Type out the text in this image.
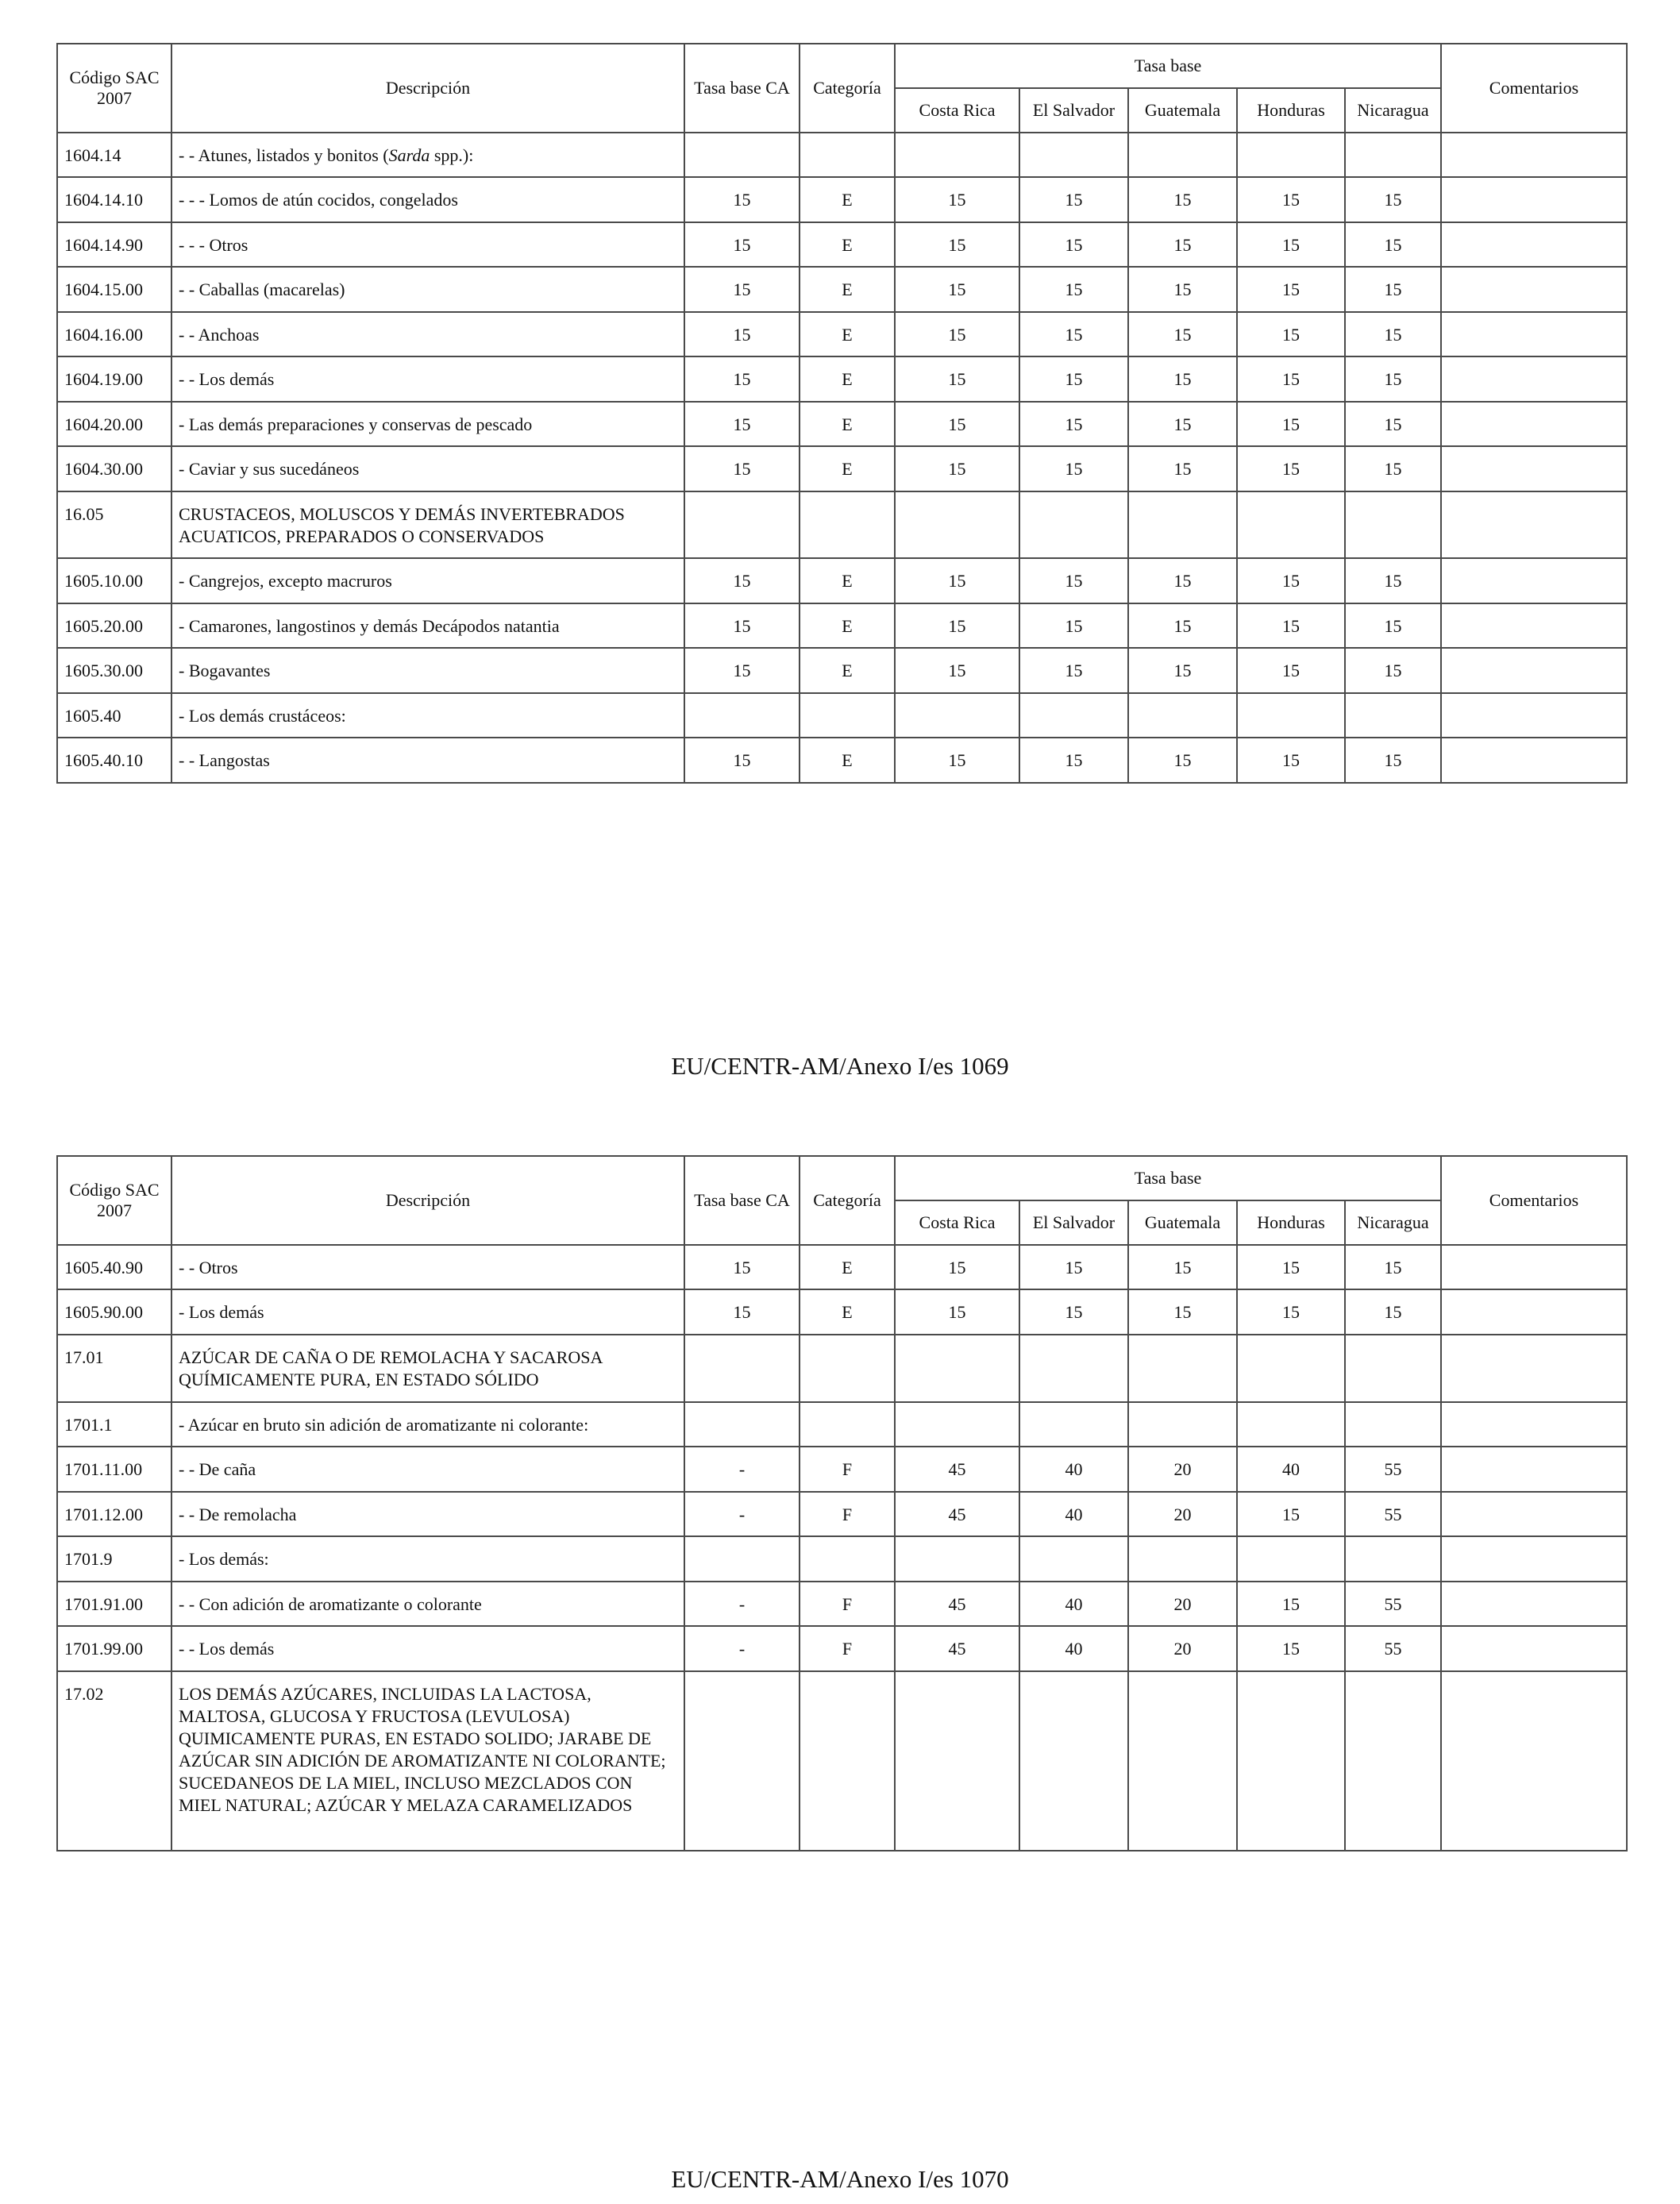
Código SAC 2007	Descripción	Tasa base CA	Categoría	Tasa base					Comentarios
				Costa Rica	El Salvador	Guatemala	Honduras	Nicaragua	
1604.14	- - Atunes, listados y bonitos (Sarda spp.):								
1604.14.10	- - - Lomos de atún cocidos, congelados	15	E	15	15	15	15	15	
1604.14.90	- - - Otros	15	E	15	15	15	15	15	
1604.15.00	- - Caballas (macarelas)	15	E	15	15	15	15	15	
1604.16.00	- - Anchoas	15	E	15	15	15	15	15	
1604.19.00	- - Los demás	15	E	15	15	15	15	15	
1604.20.00	- Las demás preparaciones y conservas de pescado	15	E	15	15	15	15	15	
1604.30.00	- Caviar y sus sucedáneos	15	E	15	15	15	15	15	
16.05	CRUSTACEOS, MOLUSCOS Y DEMÁS INVERTEBRADOS ACUATICOS, PREPARADOS O CONSERVADOS								
1605.10.00	- Cangrejos, excepto macruros	15	E	15	15	15	15	15	
1605.20.00	- Camarones, langostinos y demás Decápodos natantia	15	E	15	15	15	15	15	
1605.30.00	- Bogavantes	15	E	15	15	15	15	15	
1605.40	- Los demás crustáceos:								
1605.40.10	- - Langostas	15	E	15	15	15	15	15	
EU/CENTR-AM/Anexo I/es 1069
Código SAC 2007	Descripción	Tasa base CA	Categoría	Tasa base					Comentarios
				Costa Rica	El Salvador	Guatemala	Honduras	Nicaragua	
1605.40.90	- - Otros	15	E	15	15	15	15	15	
1605.90.00	- Los demás	15	E	15	15	15	15	15	
17.01	AZÚCAR DE CAÑA O DE REMOLACHA Y SACAROSA QUÍMICAMENTE PURA, EN ESTADO SÓLIDO								
1701.1	- Azúcar en bruto sin adición de aromatizante ni colorante:								
1701.11.00	- - De caña	-	F	45	40	20	40	55	
1701.12.00	- - De remolacha	-	F	45	40	20	15	55	
1701.9	- Los demás:								
1701.91.00	- - Con adición de aromatizante o colorante	-	F	45	40	20	15	55	
1701.99.00	- - Los demás	-	F	45	40	20	15	55	
17.02	LOS DEMÁS AZÚCARES, INCLUIDAS LA LACTOSA, MALTOSA, GLUCOSA Y FRUCTOSA (LEVULOSA) QUIMICAMENTE PURAS, EN ESTADO SOLIDO; JARABE DE AZÚCAR SIN ADICIÓN DE AROMATIZANTE NI COLORANTE; SUCEDANEOS DE LA MIEL, INCLUSO MEZCLADOS CON MIEL NATURAL; AZÚCAR Y MELAZA CARAMELIZADOS								
EU/CENTR-AM/Anexo I/es 1070
